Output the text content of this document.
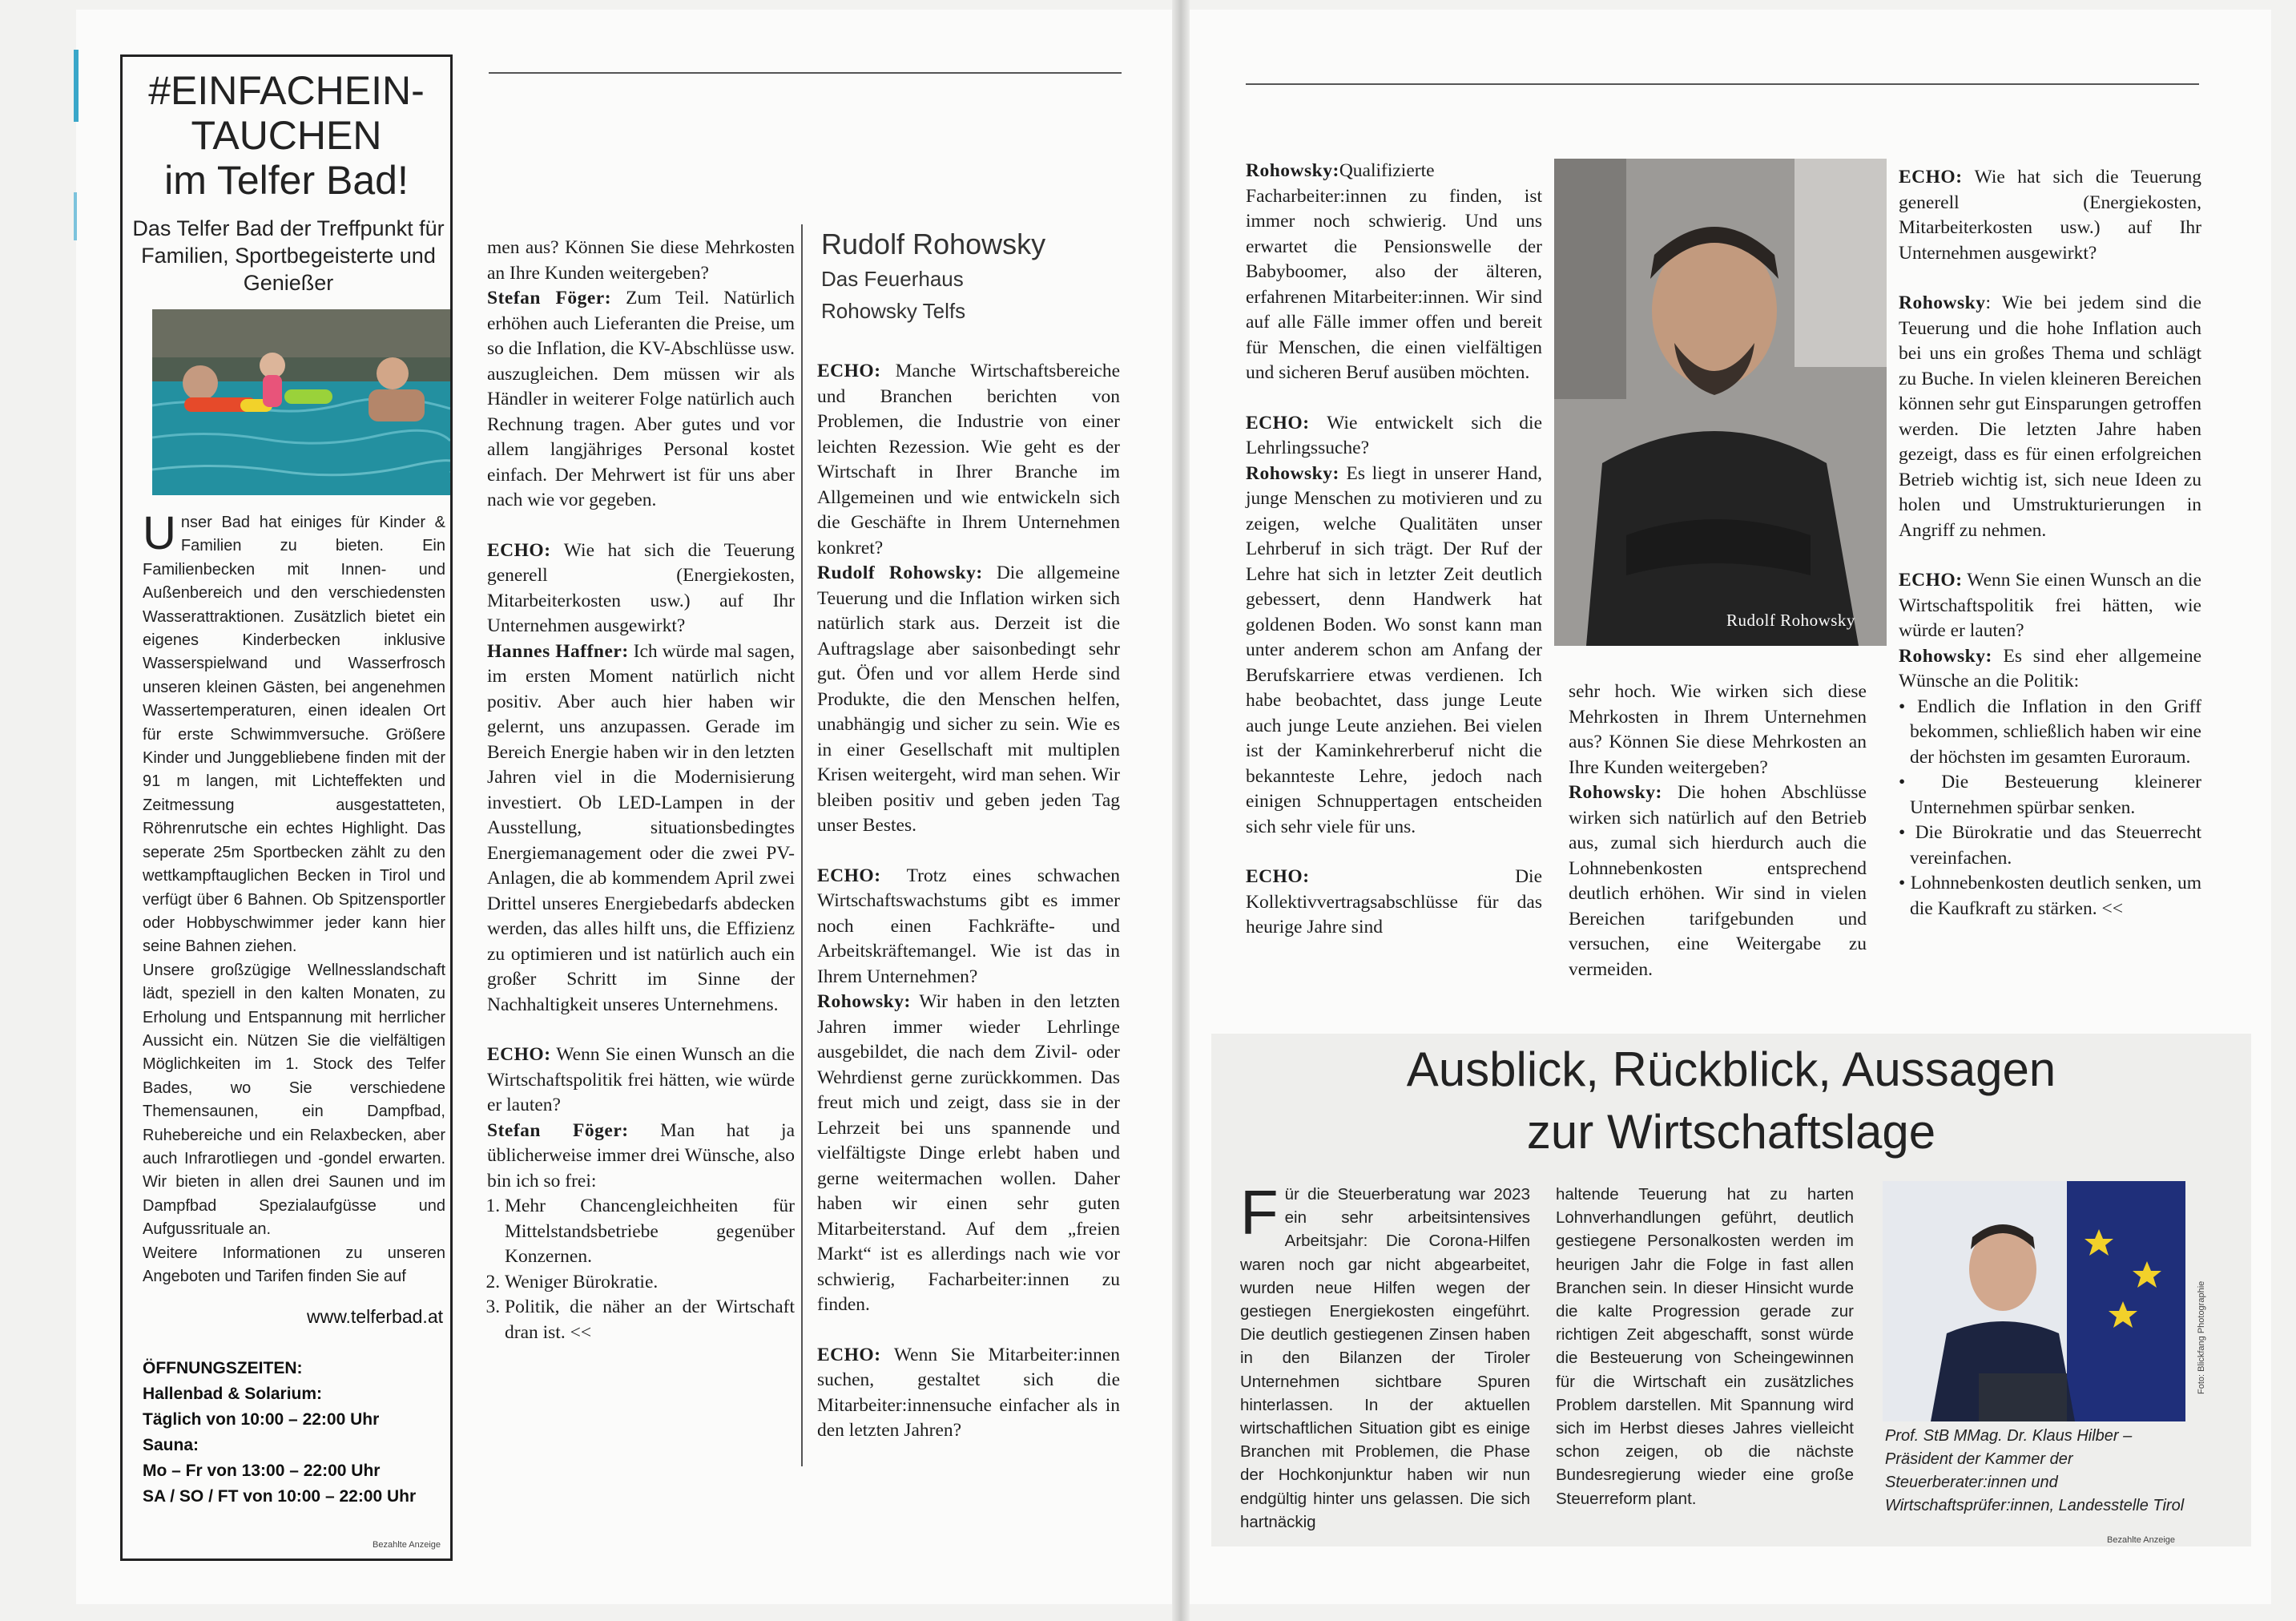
#EINFACHEIN-
TAUCHEN
im Telfer Bad!
Das Telfer Bad der Treffpunkt für Familien, Sportbegeisterte und Genießer
Unser Bad hat einiges für Kinder & Familien zu bieten. Ein Familienbecken mit Innen- und Außenbereich und den verschiedensten Wasserattraktionen. Zusätzlich bietet ein eigenes Kinderbecken inklusive Wasserspielwand und Wasserfrosch unseren kleinen Gästen, bei angenehmen Wassertemperaturen, einen idealen Ort für erste Schwimmversuche. Größere Kinder und Junggebliebene finden mit der 91 m langen, mit Lichteffekten und Zeitmessung ausgestatteten, Röhrenrutsche ein echtes Highlight. Das seperate 25m Sportbecken zählt zu den wettkampftauglichen Becken in Tirol und verfügt über 6 Bahnen. Ob Spitzensportler oder Hobbyschwimmer jeder kann hier seine Bahnen ziehen.
Unsere großzügige Wellnesslandschaft lädt, speziell in den kalten Monaten, zu Erholung und Entspannung mit herrlicher Aussicht ein. Nützen Sie die vielfältigen Möglichkeiten im 1. Stock des Telfer Bades, wo Sie verschiedene Themensaunen, ein Dampfbad, Ruhebereiche und ein Relaxbecken, aber auch Infrarotliegen und -gondel erwarten. Wir bieten in allen drei Saunen und im Dampfbad Spezialaufgüsse und Aufgussrituale an.
Weitere Informationen zu unseren Angeboten und Tarifen finden Sie auf
www.telferbad.at
ÖFFNUNGSZEITEN:
Hallenbad & Solarium:
Täglich von 10:00 – 22:00 Uhr
Sauna:
Mo – Fr von 13:00 – 22:00 Uhr
SA / SO / FT von 10:00 – 22:00 Uhr
Bezahlte Anzeige

men aus? Können Sie diese Mehrkosten an Ihre Kunden weitergeben?

Stefan Föger: Zum Teil. Natürlich erhöhen auch Lieferanten die Preise, um so die Inflation, die KV-Abschlüsse usw. auszugleichen. Dem müssen wir als Händler in weiterer Folge natürlich auch Rechnung tragen. Aber gutes und vor allem langjähriges Personal kostet einfach. Der Mehrwert ist für uns aber nach wie vor gegeben.

ECHO: Wie hat sich die Teuerung generell (Energiekosten, Mitarbeiterkosten usw.) auf Ihr Unternehmen ausgewirkt?

Hannes Haffner: Ich würde mal sagen, im ersten Moment natürlich nicht positiv. Aber auch hier haben wir gelernt, uns anzupassen. Gerade im Bereich Energie haben wir in den letzten Jahren viel in die Modernisierung investiert. Ob LED-Lampen in der Ausstellung, situationsbedingtes Energiemanagement oder die zwei PV-Anlagen, die ab kommendem April zwei Drittel unseres Energiebedarfs abdecken werden, das alles hilft uns, die Effizienz zu optimieren und ist natürlich auch ein großer Schritt im Sinne der Nachhaltigkeit unseres Unternehmens.

ECHO: Wenn Sie einen Wunsch an die Wirtschaftspolitik frei hätten, wie würde er lauten?

Stefan Föger: Man hat ja üblicherweise immer drei Wünsche, also bin ich so frei:

1. Mehr Chancengleichheiten für Mittelstandsbetriebe gegenüber Konzernen.
2. Weniger Bürokratie.
3. Politik, die näher an der Wirtschaft dran ist. <<
Rudolf Rohowsky
Das Feuerhaus
Rohowsky Telfs

ECHO: Manche Wirtschaftsbereiche und Branchen berichten von Problemen, die Industrie von einer leichten Rezession. Wie geht es der Wirtschaft in Ihrer Branche im Allgemeinen und wie entwickeln sich die Geschäfte in Ihrem Unternehmen konkret?

Rudolf Rohowsky: Die allgemeine Teuerung und die Inflation wirken sich natürlich stark aus. Derzeit ist die Auftragslage aber saisonbedingt sehr gut. Öfen und vor allem Herde sind Produkte, die den Menschen helfen, unabhängig und sicher zu sein. Wie es in einer Gesellschaft mit multiplen Krisen weitergeht, wird man sehen. Wir bleiben positiv und geben jeden Tag unser Bestes.

ECHO: Trotz eines schwachen Wirtschaftswachstums gibt es immer noch einen Fachkräfte- und Arbeitskräftemangel. Wie ist das in Ihrem Unternehmen?

Rohowsky: Wir haben in den letzten Jahren immer wieder Lehrlinge ausgebildet, die nach dem Zivil- oder Wehrdienst gerne zurückkommen. Das freut mich und zeigt, dass sie in der Lehrzeit bei uns spannende und vielfältigste Dinge erlebt haben und gerne weitermachen wollen. Daher haben wir einen sehr guten Mitarbeiterstand. Auf dem „freien Markt“ ist es allerdings nach wie vor schwierig, Facharbeiter:innen zu finden.

ECHO: Wenn Sie Mitarbeiter:innen suchen, gestaltet sich die Mitarbeiter:innensuche einfacher als in den letzten Jahren?

Rohowsky:Qualifizierte Facharbeiter:innen zu finden, ist immer noch schwierig. Und uns erwartet die Pensionswelle der Babyboomer, also der älteren, erfahrenen Mitarbeiter:innen. Wir sind auf alle Fälle immer offen und bereit für Menschen, die einen vielfältigen und sicheren Beruf ausüben möchten.

ECHO: Wie entwickelt sich die Lehrlingssuche?

Rohowsky: Es liegt in unserer Hand, junge Menschen zu motivieren und zu zeigen, welche Qualitäten unser Lehrberuf in sich trägt. Der Ruf der Lehre hat sich in letzter Zeit deutlich gebessert, denn Handwerk hat goldenen Boden. Wo sonst kann man unter anderem schon am Anfang der Berufskarriere etwas verdienen. Ich habe beobachtet, dass junge Leute auch junge Leute anziehen. Bei vielen ist der Kaminkehrerberuf nicht die bekannteste Lehre, jedoch nach einigen Schnuppertagen entscheiden sich sehr viele für uns.

ECHO: Die Kollektivvertragsabschlüsse für das heurige Jahre sind

Rudolf Rohowsky

sehr hoch. Wie wirken sich diese Mehrkosten in Ihrem Unternehmen aus? Können Sie diese Mehrkosten an Ihre Kunden weitergeben?

Rohowsky: Die hohen Abschlüsse wirken sich natürlich auf den Betrieb aus, zumal sich hierdurch auch die Lohnnebenkosten entsprechend deutlich erhöhen. Wir sind in vielen Bereichen tarifgebunden und versuchen, eine Weitergabe zu vermeiden.

ECHO: Wie hat sich die Teuerung generell (Energiekosten, Mitarbeiterkosten usw.) auf Ihr Unternehmen ausgewirkt?

Rohowsky: Wie bei jedem sind die Teuerung und die hohe Inflation auch bei uns ein großes Thema und schlägt zu Buche. In vielen kleineren Bereichen können sehr gut Einsparungen getroffen werden. Die letzten Jahre haben gezeigt, dass es für einen erfolgreichen Betrieb wichtig ist, sich neue Ideen zu holen und Umstrukturierungen in Angriff zu nehmen.

ECHO: Wenn Sie einen Wunsch an die Wirtschaftspolitik frei hätten, wie würde er lauten?

Rohowsky: Es sind eher allgemeine Wünsche an die Politik:

• Endlich die Inflation in den Griff bekommen, schließlich haben wir eine der höchsten im gesamten Euroraum.
• Die Besteuerung kleinerer Unternehmen spürbar senken.
• Die Bürokratie und das Steuerrecht vereinfachen.
• Lohnnebenkosten deutlich senken, um die Kaufkraft zu stärken. <<
Ausblick, Rückblick, Aussagen
zur Wirtschaftslage
Für die Steuerberatung war 2023 ein sehr arbeitsintensives Arbeitsjahr: Die Corona-Hilfen waren noch gar nicht abgearbeitet, wurden neue Hilfen wegen der gestiegen Energiekosten eingeführt. Die deutlich gestiegenen Zinsen haben in den Bilanzen der Tiroler Unternehmen sichtbare Spuren hinterlassen. In der aktuellen wirtschaftlichen Situation gibt es einige Branchen mit Problemen, die Phase der Hochkonjunktur haben wir nun endgültig hinter uns gelassen. Die sich hartnäckig
haltende Teuerung hat zu harten Lohnverhandlungen geführt, deutlich gestiegene Personalkosten werden im heurigen Jahr die Folge in fast allen Branchen sein. In dieser Hinsicht wurde die kalte Progression gerade zur richtigen Zeit abgeschafft, sonst würde die Besteuerung von Scheingewinnen für die Wirtschaft ein zusätzliches Problem darstellen. Mit Spannung wird sich im Herbst dieses Jahres vielleicht schon zeigen, ob die nächste Bundesregierung wieder eine große Steuerreform plant.
Prof. StB MMag. Dr. Klaus Hilber – Präsident der Kammer der Steuerberater:innen und Wirtschaftsprüfer:innen, Landesstelle Tirol
Foto: Blickfang Photographie
Bezahlte Anzeige
